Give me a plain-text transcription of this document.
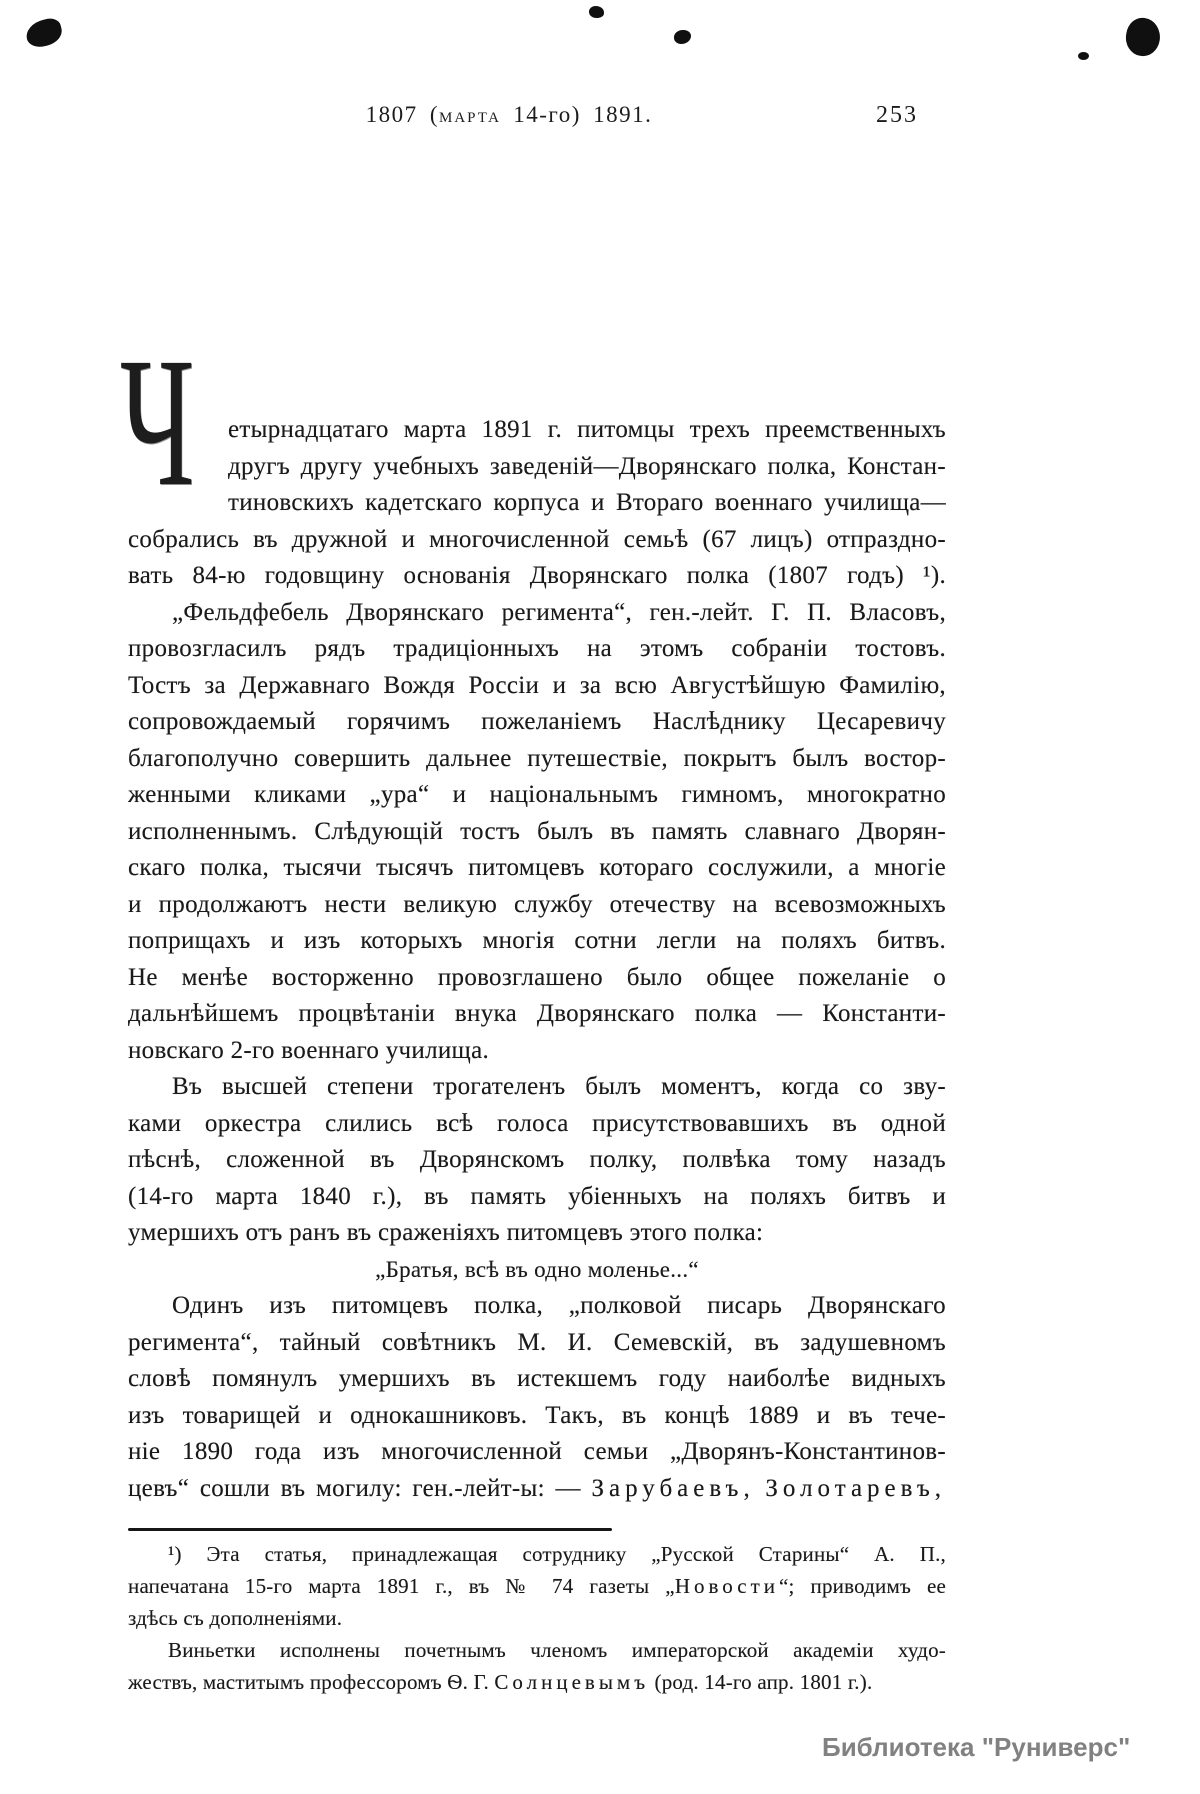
1807 (марта 14-го) 1891.	253
Ч	етырнадцатаго марта 1891 г. питомцы трехъ преемственныхъ
другъ другу учебныхъ заведеній—Дворянскаго полка, Констан-
тиновскихъ кадетскаго корпуса и Втораго военнаго училища—
собрались въ дружной и многочисленной семьѣ (67 лицъ) отпраздно-
вать 84-ю годовщину основанія Дворянскаго полка (1807 годъ) ¹).
„Фельдфебель Дворянскаго регимента“, ген.-лейт. Г. П. Власовъ,
провозгласилъ рядъ традиціонныхъ на этомъ собраніи тостовъ.
Тостъ за Державнаго Вождя Россіи и за всю Августѣйшую Фамилію,
сопровождаемый горячимъ пожеланіемъ Наслѣднику Цесаревичу
благополучно совершить дальнее путешествіе, покрытъ былъ востор-
женными кликами „ура“ и національнымъ гимномъ, многократно
исполненнымъ. Слѣдующій тостъ былъ въ память славнаго Дворян-
скаго полка, тысячи тысячъ питомцевъ котораго сослужили, а многіе
и продолжаютъ нести великую службу отечеству на всевозможныхъ
поприщахъ и изъ которыхъ многія сотни легли на поляхъ битвъ.
Не менѣе восторженно провозглашено было общее пожеланіе о
дальнѣйшемъ процвѣтаніи внука Дворянскаго полка — Константи-
новскаго 2-го военнаго училища.
Въ высшей степени трогателенъ былъ моментъ, когда со зву-
ками оркестра слились всѣ голоса присутствовавшихъ въ одной
пѣснѣ, сложенной въ Дворянскомъ полку, полвѣка тому назадъ
(14-го марта 1840 г.), въ память убіенныхъ на поляхъ битвъ и
умершихъ отъ ранъ въ сраженіяхъ питомцевъ этого полка:
„Братья, всѣ въ одно моленье...“
Одинъ изъ питомцевъ полка, „полковой писарь Дворянскаго
регимента“, тайный совѣтникъ М. И. Семевскій, въ задушевномъ
словѣ помянулъ умершихъ въ истекшемъ году наиболѣе видныхъ
изъ товарищей и однокашниковъ. Такъ, въ концѣ 1889 и въ тече-
ніе 1890 года изъ многочисленной семьи „Дворянъ-Константинов-
цевъ“ сошли въ могилу: ген.-лейт-ы: — Зарубаевъ, Золотаревъ,
¹) Эта статья, принадлежащая сотруднику „Русской Старины“ А. П.,
напечатана 15-го марта 1891 г., въ № 74 газеты „Новости“; приводимъ ее
здѣсь съ дополненіями.
Виньетки исполнены почетнымъ членомъ императорской академіи худо-
жествъ, маститымъ профессоромъ Ѳ. Г. Солнцевымъ (род. 14-го апр. 1801 г.).
Библиотека "Руниверс"
